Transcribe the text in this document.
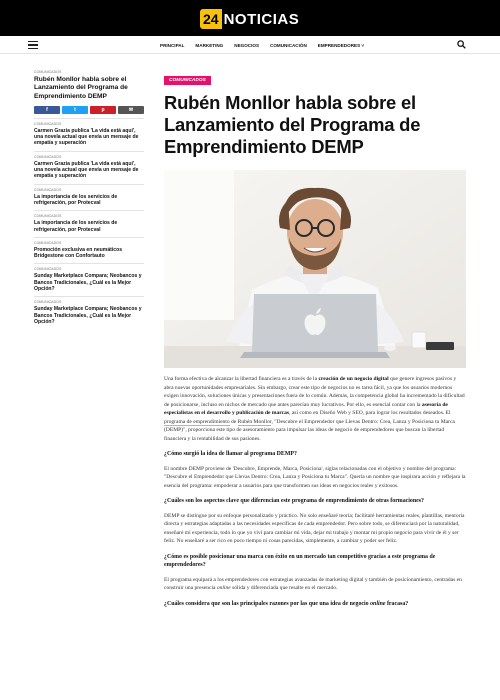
24 NOTICIAS
PRINCIPAL MARKETING NEGOCIOS COMUNICACIÓN EMPRENDEDORES ˅
COMUNICADOS
Rubén Monllor habla sobre el Lanzamiento del Programa de Emprendimiento DEMP
f	t	p	✉
COMUNICADOS
Carmen Grazia publica 'La vida está aquí', una novela actual que envía un mensaje de empatía y superación
COMUNICADOS
Carmen Grazia publica 'La vida está aquí', una novela actual que envía un mensaje de empatía y superación
COMUNICADOS
La importancia de los servicios de refrigeración, por Protecval
COMUNICADOS
La importancia de los servicios de refrigeración, por Protecval
COMUNICADOS
Promoción exclusiva en neumáticos Bridgestone con Confortauto
COMUNICADOS
Sunday Marketplace Compara; Neobancos y Bancos Tradicionales, ¿Cuál es la Mejor Opción?
COMUNICADOS
Sunday Marketplace Compara; Neobancos y Bancos Tradicionales, ¿Cuál es la Mejor Opción?
COMUNICADOS
Rubén Monllor habla sobre el Lanzamiento del Programa de Emprendimiento DEMP

Una forma efectiva de alcanzar la libertad financiera es a través de la creación de un negocio digital que genere ingresos pasivos y abra nuevas oportunidades empresariales. Sin embargo, crear este tipo de negocios no es tarea fácil, ya que los usuarios modernos exigen innovación, soluciones únicas y presentaciones fuera de lo común. Además, la competencia global ha incrementado la dificultad de posicionarse, incluso en nichos de mercado que antes parecían muy lucrativos. Por ello, es esencial contar con la asesoría de especialistas en el desarrollo y publicación de marcas, así como en Diseño Web y SEO, para lograr los resultados deseados. El programa de emprendimiento de Rubén Monllor, "Descubre el Emprendedor que Llevas Dentro: Crea, Lanza y Posiciona tu Marca (DEMP)", proporciona este tipo de asesoramiento para impulsar las ideas de negocio de emprendedores que buscan la libertad financiera y la rentabilidad de sus pasiones.

¿Cómo surgió la idea de llamar al programa DEMP?

El nombre DEMP proviene de 'Descubre, Emprende, Marca, Posiciona', siglas relacionadas con el objetivo y nombre del programa: "Descubre el Emprendedor que Llevas Dentro: Crea, Lanza y Posiciona tu Marca". Quería un nombre que inspirara acción y reflejara la esencia del programa: empoderar a usuarios para que transformen sus ideas en negocios reales y exitosos.

¿Cuáles son los aspectos clave que diferencian este programa de emprendimiento de otras formaciones?

DEMP se distingue por su enfoque personalizado y práctico. No solo enseñaré teoría; facilitaré herramientas reales, plantillas, mentoría directa y estrategias adaptadas a las necesidades específicas de cada emprendedor. Pero sobre todo, se diferenciará por la naturalidad, enseñaré mi experiencia, todo lo que yo viví para cambiar mi vida, dejar mi trabajo y montar mi propio negocio para vivir de él y ser feliz. No enseñaré a ser rico en poco tiempo ni cosas parecidas, simplemente, a cambiar y poder ser feliz.

¿Cómo es posible posicionar una marca con éxito en un mercado tan competitivo gracias a este programa de emprendedores?

El programa equipará a los emprendedores con estrategias avanzadas de marketing digital y también de posicionamiento, centradas en construir una presencia online sólida y diferenciada que resalte en el mercado.

¿Cuáles considera que son las principales razones por las que una idea de negocio online fracasa?
